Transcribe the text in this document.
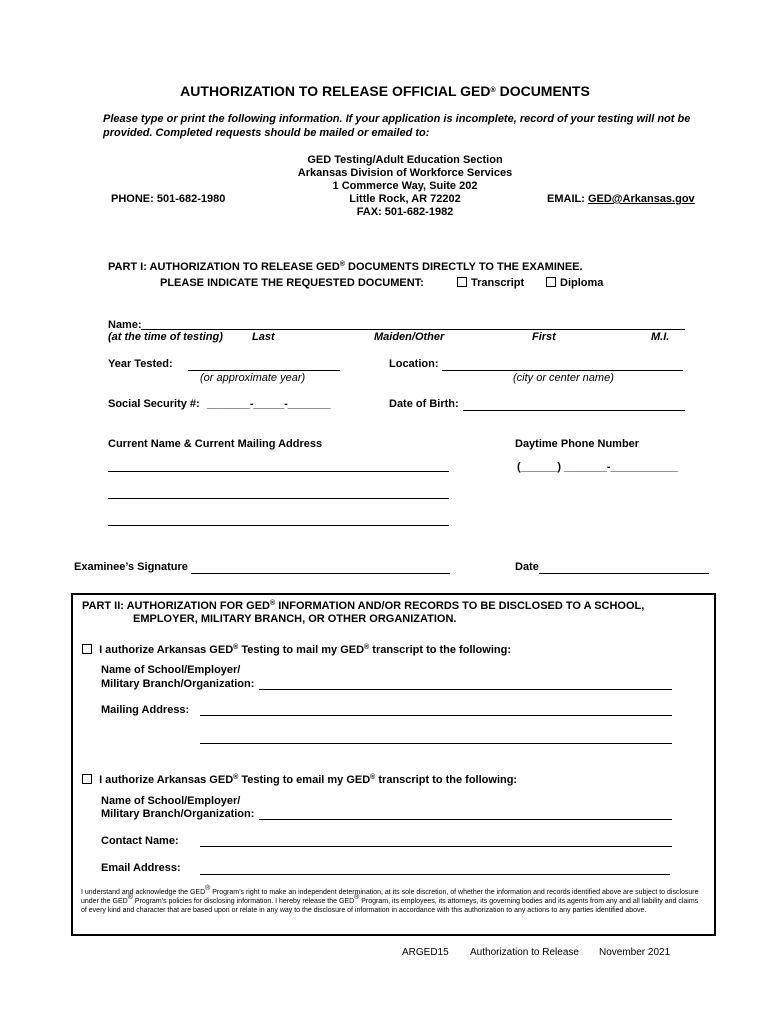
AUTHORIZATION TO RELEASE OFFICIAL GED® DOCUMENTS
Please type or print the following information. If your application is incomplete, record of your testing will not be
provided. Completed requests should be mailed or emailed to:
GED Testing/Adult Education Section
Arkansas Division of Workforce Services
1 Commerce Way, Suite 202
Little Rock, AR 72202
FAX: 501-682-1982
PHONE: 501-682-1980	EMAIL: GED@Arkansas.gov
PART I: AUTHORIZATION TO RELEASE GED® DOCUMENTS DIRECTLY TO THE EXAMINEE.
PLEASE INDICATE THE REQUESTED DOCUMENT:	Transcript	Diploma
Name:
(at the time of testing)	Last	Maiden/Other	First	M.I.
Year Tested:
(or approximate year)
Location:
(city or center name)
Social Security #: _______-_____-_______	Date of Birth:
Current Name & Current Mailing Address	Daytime Phone Number
(______) _______-___________
Examinee’s Signature	Date
PART II: AUTHORIZATION FOR GED® INFORMATION AND/OR RECORDS TO BE DISCLOSED TO A SCHOOL,
EMPLOYER, MILITARY BRANCH, OR OTHER ORGANIZATION.
I authorize Arkansas GED® Testing to mail my GED® transcript to the following:
Name of School/Employer/
Military Branch/Organization:
Mailing Address:
I authorize Arkansas GED® Testing to email my GED® transcript to the following:
Name of School/Employer/
Military Branch/Organization:
Contact Name:
Email Address:
I understand and acknowledge the GED® Program’s right to make an independent determination, at its sole discretion, of whether the information and records identified above are subject to disclosure under the GED® Program’s policies for disclosing information. I hereby release the GED® Program, its employees, its attorneys, its governing bodies and its agents from any and all liability and claims of every kind and character that are based upon or relate in any way to the disclosure of information in accordance with this authorization to any actions to any parties identified above.
ARGED15 Authorization to Release November 2021
